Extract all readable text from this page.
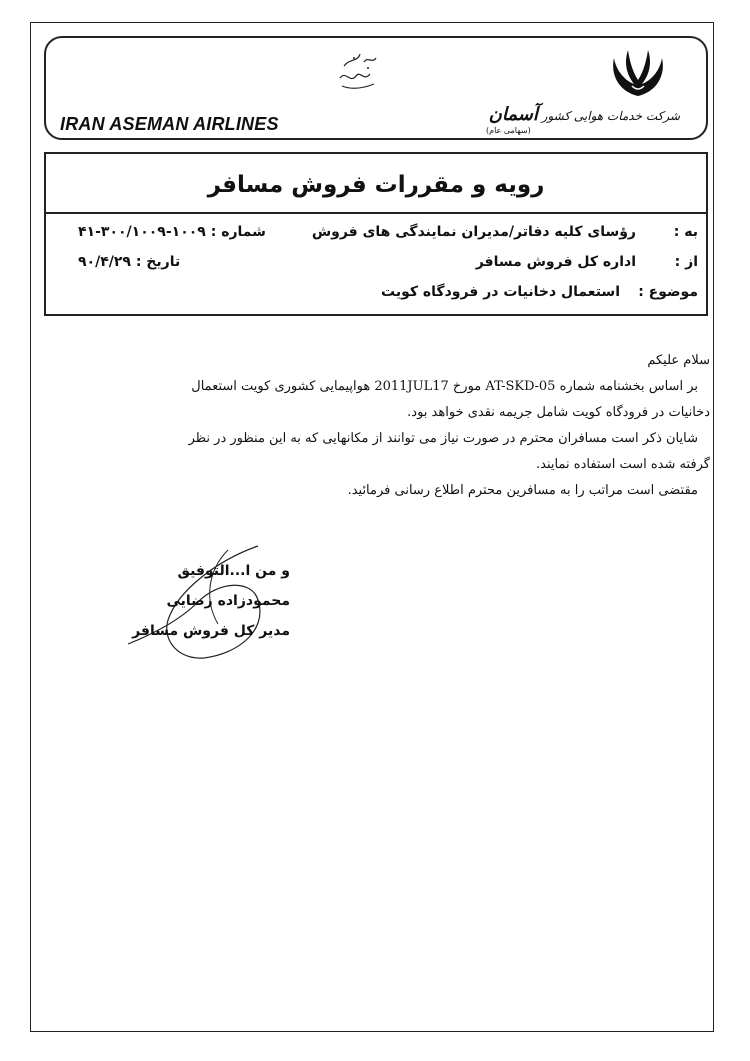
IRAN ASEMAN AIRLINES	شرکت خدمات هوایی کشور آسمان
(سهامی عام)
رویه و مقررات فروش مسافر
به :
رؤسای کلیه دفاتر/مدیران نمایندگی های فروش
شماره : ۱۰۰۹-۳۰۰/۱۰۰۹-۴۱
از :
اداره کل فروش مسافر
تاریخ : ۹۰/۴/۲۹
موضوع :
استعمال دخانیات در فرودگاه کویت

سلام علیکم

بر اساس بخشنامه شماره 05-AT-SKD مورخ 2011JUL17 هواپیمایی کشوری کویت استعمال

دخانیات در فرودگاه کویت شامل جریمه نقدی خواهد بود.

شایان ذکر است مسافران محترم در صورت نیاز می توانند از مکانهایی که به این منظور در نظر

گرفته شده است استفاده نمایند.

مقتضی است مراتب را به مسافرین محترم اطلاع رسانی فرمائید.

و من ا...التوفیق

محمودزاده رضایی

مدیر کل فروش مسافر
